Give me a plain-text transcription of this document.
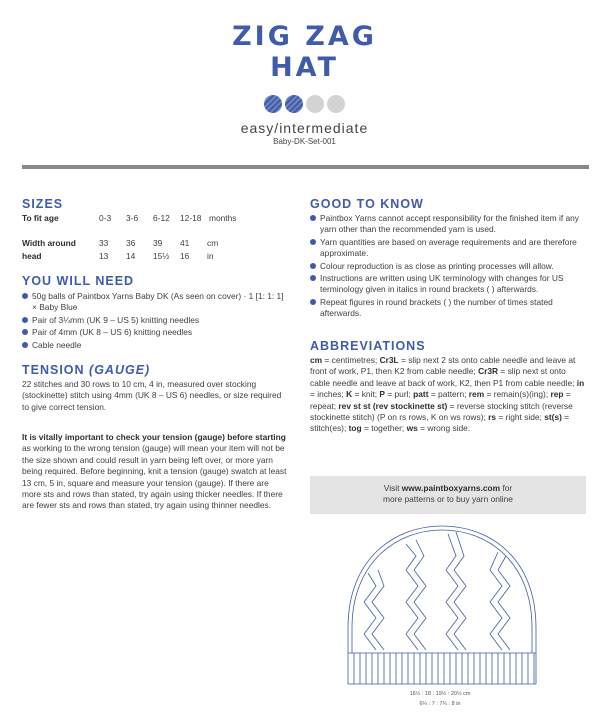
ZIG ZAG
HAT
easy/intermediate
Baby-DK-Set-001
SIZES
To fit age	0-3 3-6 6-12 12-18 months
Width around	33 36 39 41 cm
head	13 14 15½ 16 in
YOU WILL NEED
50g balls of Paintbox Yarns Baby DK (As seen on cover) · 1 [1: 1: 1] × Baby Blue
Pair of 3¼mm (UK 9 – US 5) knitting needles
Pair of 4mm (UK 8 – US 6) knitting needles
Cable needle
TENSION (GAUGE)

22 stitches and 30 rows to 10 cm, 4 in, measured over stocking (stockinette) stitch using 4mm (UK 8 – US 6) needles, or size required to give correct tension.

It is vitally important to check your tension (gauge) before starting as working to the wrong tension (gauge) will mean your item will not be the size shown and could result in yarn being left over, or more yarn being required. Before beginning, knit a tension (gauge) swatch at least 13 cm, 5 in, square and measure your tension (gauge). If there are more sts and rows than stated, try again using thicker needles. If there are fewer sts and rows than stated, try again using thinner needles.

GOOD TO KNOW
Paintbox Yarns cannot accept responsibility for the finished item if any yarn other than the recommended yarn is used.
Yarn quantities are based on average requirements and are therefore approximate.
Colour reproduction is as close as printing processes will allow.
Instructions are written using UK terminology with changes for US terminology given in italics in round brackets ( ) afterwards.
Repeat figures in round brackets ( ) the number of times stated afterwards.
ABBREVIATIONS

cm = centimetres; Cr3L = slip next 2 sts onto cable needle and leave at front of work, P1, then K2 from cable needle; Cr3R = slip next st onto cable needle and leave at back of work, K2, then P1 from cable needle; in = inches; K = knit; P = purl; patt = pattern; rem = remain(s)(ing); rep = repeat; rev st st (rev stockinette st) = reverse stocking stitch (reverse stockinette stitch) (P on rs rows, K on ws rows); rs = right side; st(s) = stitch(es); tog = together; ws = wrong side.

Visit www.paintboxyarns.com for
more patterns or to buy yarn online
16½ : 18 : 19½ : 20½ cm
6¼ : 7 : 7¾ : 8 in
